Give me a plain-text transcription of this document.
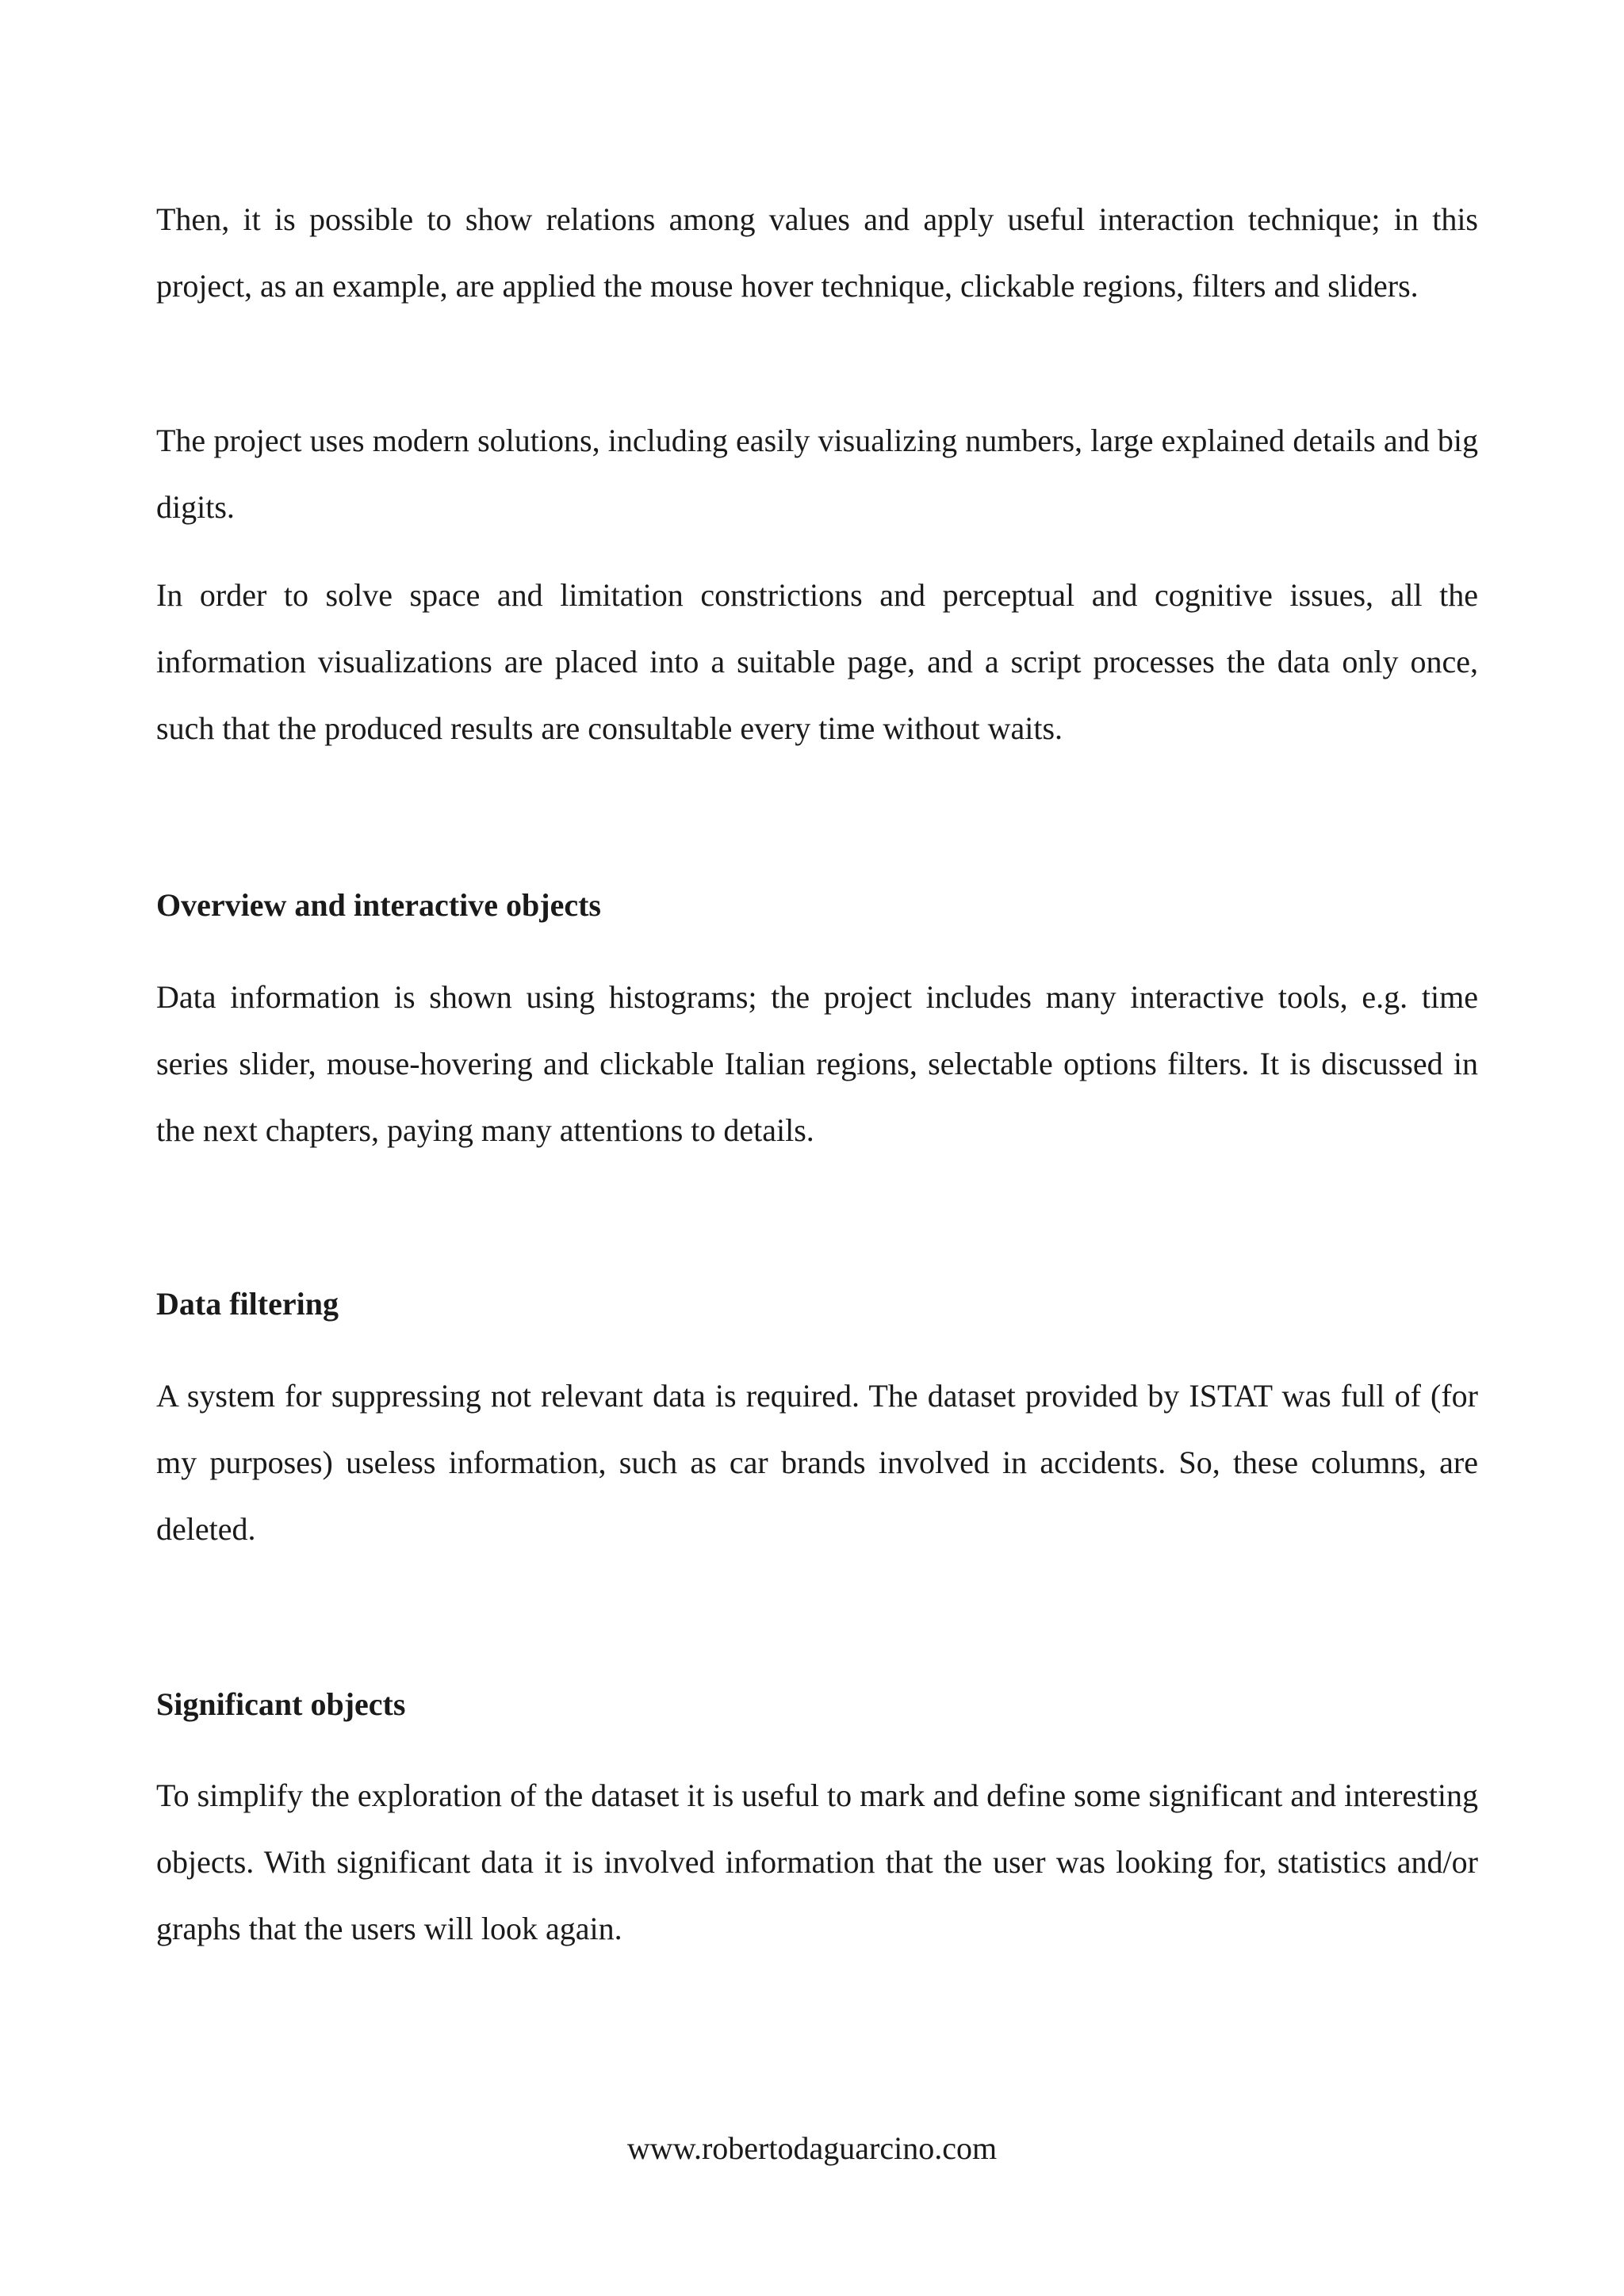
Then, it is possible to show relations among values and apply useful interaction technique; in this project, as an example, are applied the mouse hover technique, clickable regions, filters and sliders.

The project uses modern solutions, including easily visualizing numbers, large explained details and big digits.

In order to solve space and limitation constrictions and perceptual and cognitive issues, all the information visualizations are placed into a suitable page, and a script processes the data only once, such that the produced results are consultable every time without waits.

Overview and interactive objects

Data information is shown using histograms; the project includes many interactive tools, e.g. time series slider, mouse-hovering and clickable Italian regions, selectable options filters. It is discussed in the next chapters, paying many attentions to details.

Data filtering

A system for suppressing not relevant data is required. The dataset provided by ISTAT was full of (for my purposes) useless information, such as car brands involved in accidents. So, these columns, are deleted.

Significant objects

To simplify the exploration of the dataset it is useful to mark and define some significant and interesting objects. With significant data it is involved information that the user was looking for, statistics and/or graphs that the users will look again.

www.robertodaguarcino.com
